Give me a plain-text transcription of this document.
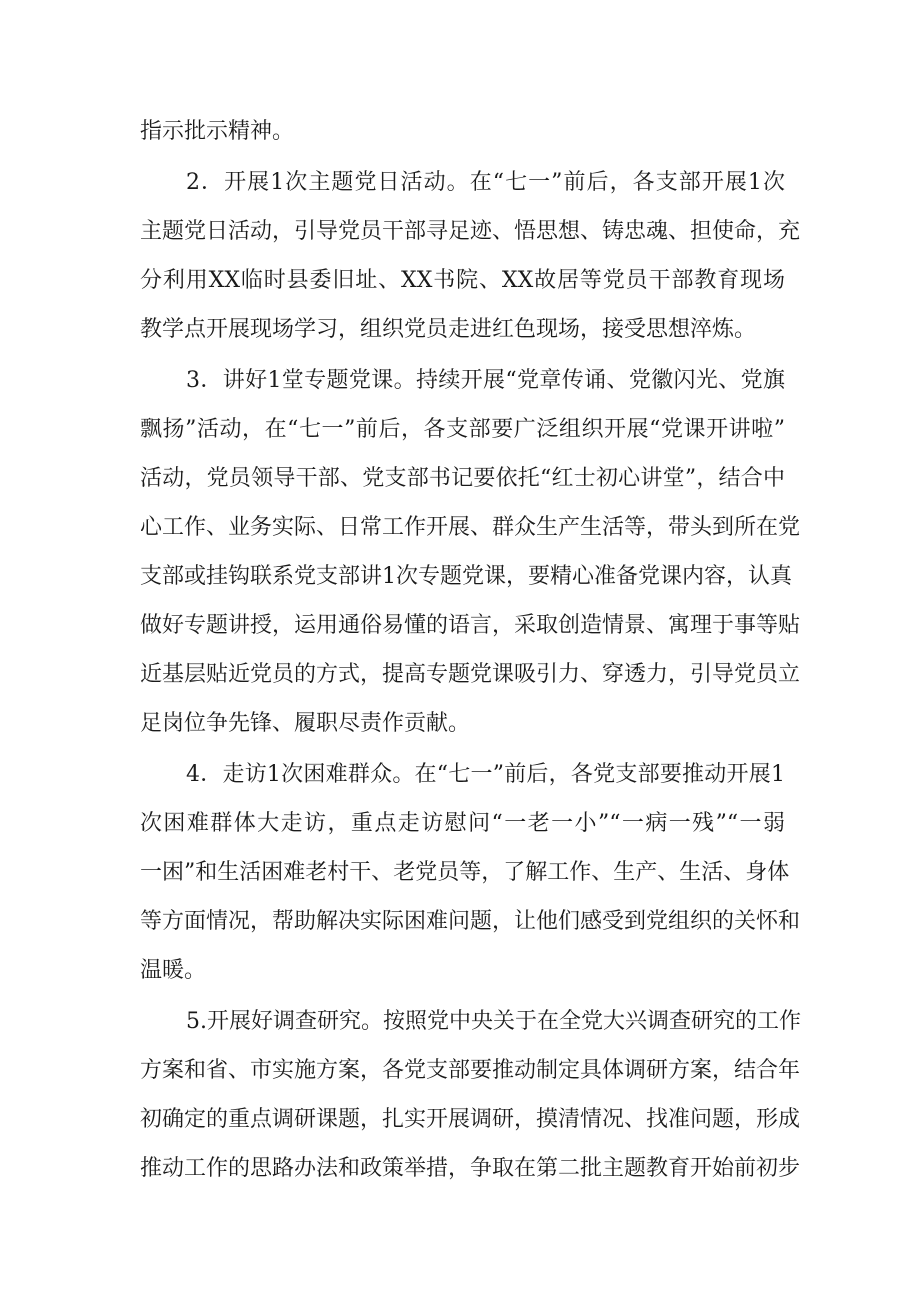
指示批示精神。
2．开展1次主题党日活动。在“七一”前后，各支部开展1次
主题党日活动，引导党员干部寻足迹、悟思想、铸忠魂、担使命，充
分利用XX临时县委旧址、XX书院、XX故居等党员干部教育现场
教学点开展现场学习，组织党员走进红色现场，接受思想淬炼。
3．讲好1堂专题党课。持续开展“党章传诵、党徽闪光、党旗
飘扬”活动，在“七一”前后，各支部要广泛组织开展“党课开讲啦”
活动，党员领导干部、党支部书记要依托“红士初心讲堂”，结合中
心工作、业务实际、日常工作开展、群众生产生活等，带头到所在党
支部或挂钩联系党支部讲1次专题党课，要精心准备党课内容，认真
做好专题讲授，运用通俗易懂的语言，采取创造情景、寓理于事等贴
近基层贴近党员的方式，提高专题党课吸引力、穿透力，引导党员立
足岗位争先锋、履职尽责作贡献。
4．走访1次困难群众。在“七一”前后，各党支部要推动开展1
次困难群体大走访，重点走访慰问“一老一小”“一病一残”“一弱
一困”和生活困难老村干、老党员等，了解工作、生产、生活、身体
等方面情况，帮助解决实际困难问题，让他们感受到党组织的关怀和
温暖。
5.开展好调查研究。按照党中央关于在全党大兴调查研究的工作
方案和省、市实施方案，各党支部要推动制定具体调研方案，结合年
初确定的重点调研课题，扎实开展调研，摸清情况、找准问题，形成
推动工作的思路办法和政策举措，争取在第二批主题教育开始前初步
